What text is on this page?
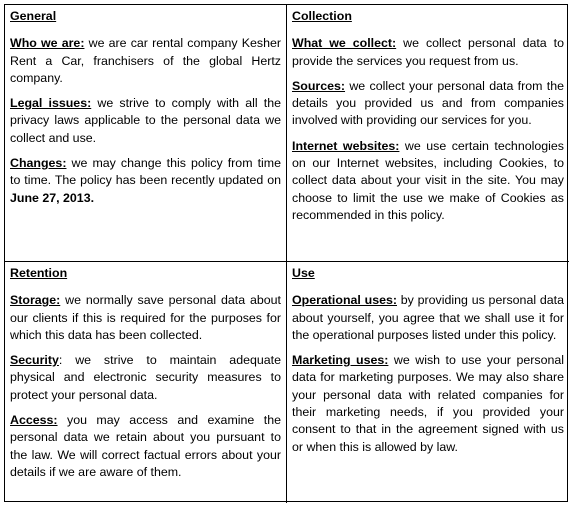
General

Who we are: we are car rental company Kesher Rent a Car, franchisers of the global Hertz company.

Legal issues: we strive to comply with all the privacy laws applicable to the personal data we collect and use.

Changes: we may change this policy from time to time. The policy has been recently updated on June 27, 2013.

Collection

What we collect: we collect personal data to provide the services you request from us.

Sources: we collect your personal data from the details you provided us and from companies involved with providing our services for you.

Internet websites: we use certain technologies on our Internet websites, including Cookies, to collect data about your visit in the site. You may choose to limit the use we make of Cookies as recommended in this policy.

Retention

Storage: we normally save personal data about our clients if this is required for the purposes for which this data has been collected.

Security: we strive to maintain adequate physical and electronic security measures to protect your personal data.

Access: you may access and examine the personal data we retain about you pursuant to the law. We will correct factual errors about your details if we are aware of them.

Use

Operational uses: by providing us personal data about yourself, you agree that we shall use it for the operational purposes listed under this policy.

Marketing uses: we wish to use your personal data for marketing purposes. We may also share your personal data with related companies for their marketing needs, if you provided your consent to that in the agreement signed with us or when this is allowed by law.
